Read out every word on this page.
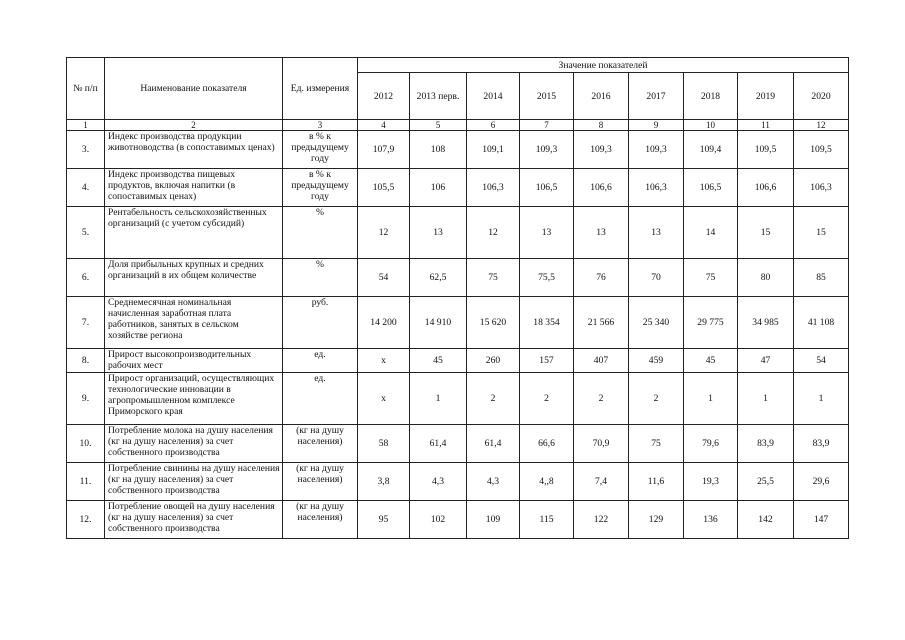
№ п/п	Наименование показателя	Ед. измерения	Значение показателей								
			2012	2013 перв.	2014	2015	2016	2017	2018	2019	2020
1	2	3	4	5	6	7	8	9	10	11	12
3.	Индекс производства продукции животноводства (в сопоставимых ценах)	в % к предыдущему году	107,9	108	109,1	109,3	109,3	109,3	109,4	109,5	109,5
4.	Индекс производства пищевых продуктов, включая напитки (в сопоставимых ценах)	в % к предыдущему году	105,5	106	106,3	106,5	106,6	106,3	106,5	106,6	106,3
5.	Рентабельность сельскохозяйственных организаций (с учетом субсидий)	%	12	13	12	13	13	13	14	15	15
6.	Доля прибыльных крупных и средних организаций в их общем количестве	%	54	62,5	75	75,5	76	70	75	80	85
7.	Среднемесячная номинальная начисленная заработная плата работников, занятых в сельском хозяйстве региона	руб.	14 200	14 910	15 620	18 354	21 566	25 340	29 775	34 985	41 108
8.	Прирост высокопроизводительных рабочих мест	ед.	х	45	260	157	407	459	45	47	54
9.	Прирост организаций, осуществляющих технологические инновации в агропромышленном комплексе Приморского края	ед.	х	1	2	2	2	2	1	1	1
10.	Потребление молока на душу населения (кг на душу населения) за счет собственного производства	(кг на душу населения)	58	61,4	61,4	66,6	70,9	75	79,6	83,9	83,9
11.	Потребление свинины на душу населения (кг на душу населения) за счет собственного производства	(кг на душу населения)	3,8	4,3	4,3	4,,8	7,4	11,6	19,3	25,5	29,6
12.	Потребление овощей на душу населения (кг на душу населения) за счет собственного производства	(кг на душу населения)	95	102	109	115	122	129	136	142	147
